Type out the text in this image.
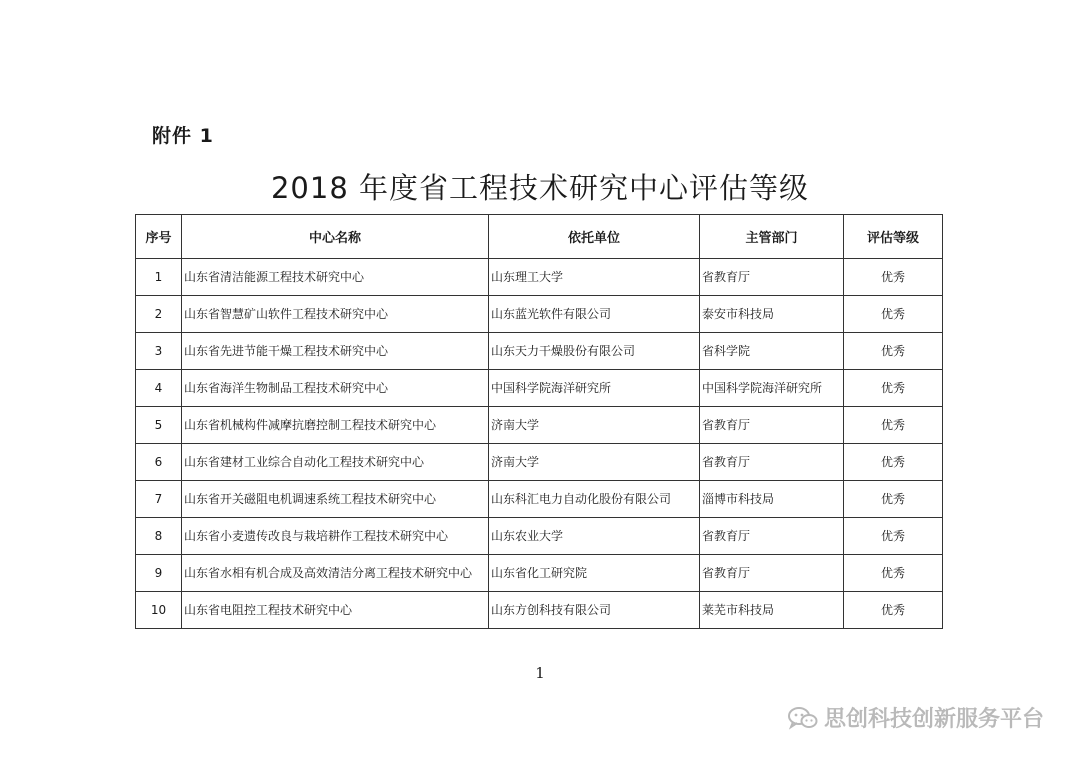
附件 1
2018 年度省工程技术研究中心评估等级
序号	中心名称	依托单位	主管部门	评估等级
1	山东省清洁能源工程技术研究中心	山东理工大学	省教育厅	优秀
2	山东省智慧矿山软件工程技术研究中心	山东蓝光软件有限公司	泰安市科技局	优秀
3	山东省先进节能干燥工程技术研究中心	山东天力干燥股份有限公司	省科学院	优秀
4	山东省海洋生物制品工程技术研究中心	中国科学院海洋研究所	中国科学院海洋研究所	优秀
5	山东省机械构件减摩抗磨控制工程技术研究中心	济南大学	省教育厅	优秀
6	山东省建材工业综合自动化工程技术研究中心	济南大学	省教育厅	优秀
7	山东省开关磁阻电机调速系统工程技术研究中心	山东科汇电力自动化股份有限公司	淄博市科技局	优秀
8	山东省小麦遗传改良与栽培耕作工程技术研究中心	山东农业大学	省教育厅	优秀
9	山东省水相有机合成及高效清洁分离工程技术研究中心	山东省化工研究院	省教育厅	优秀
10	山东省电阻控工程技术研究中心	山东方创科技有限公司	莱芜市科技局	优秀
1
思创科技创新服务平台
